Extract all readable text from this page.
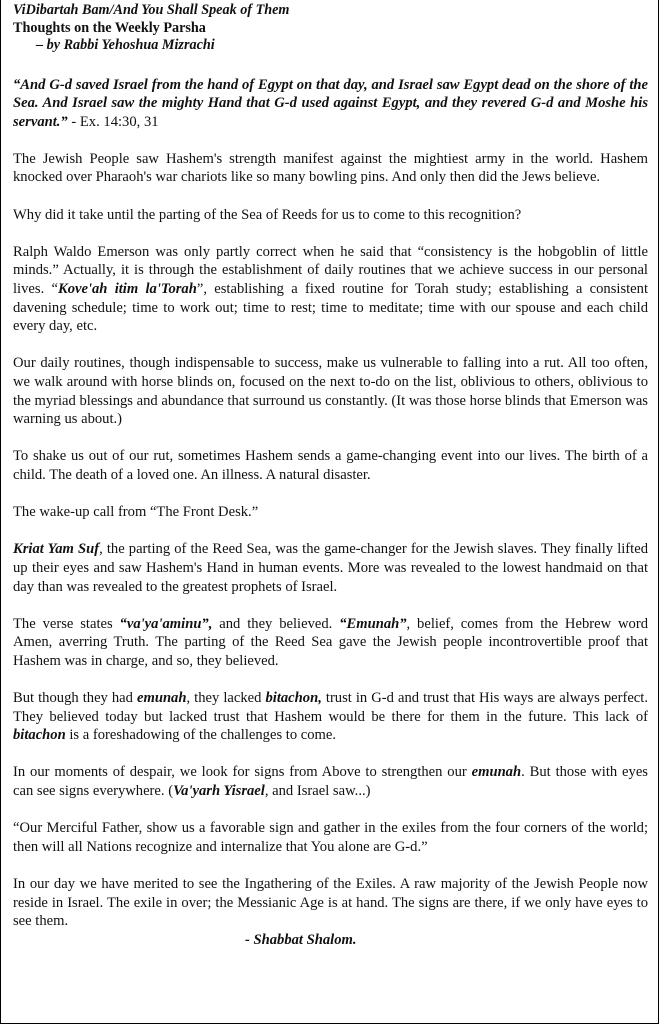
ViDibartah Bam/And You Shall Speak of Them
Thoughts on the Weekly Parsha
– by Rabbi Yehoshua Mizrachi

“And G-d saved Israel from the hand of Egypt on that day, and Israel saw Egypt dead on the shore of the Sea. And Israel saw the mighty Hand that G-d used against Egypt, and they revered G-d and Moshe his servant.” - Ex. 14:30, 31

The Jewish People saw Hashem's strength manifest against the mightiest army in the world. Hashem knocked over Pharaoh's war chariots like so many bowling pins. And only then did the Jews believe.

Why did it take until the parting of the Sea of Reeds for us to come to this recognition?

Ralph Waldo Emerson was only partly correct when he said that “consistency is the hobgoblin of little minds.” Actually, it is through the establishment of daily routines that we achieve success in our personal lives. “Kove'ah itim la'Torah”, establishing a fixed routine for Torah study; establishing a consistent davening schedule; time to work out; time to rest; time to meditate; time with our spouse and each child every day, etc.

Our daily routines, though indispensable to success, make us vulnerable to falling into a rut. All too often, we walk around with horse blinds on, focused on the next to-do on the list, oblivious to others, oblivious to the myriad blessings and abundance that surround us constantly. (It was those horse blinds that Emerson was warning us about.)

To shake us out of our rut, sometimes Hashem sends a game-changing event into our lives. The birth of a child. The death of a loved one. An illness. A natural disaster.

The wake-up call from “The Front Desk.”

Kriat Yam Suf, the parting of the Reed Sea, was the game-changer for the Jewish slaves. They finally lifted up their eyes and saw Hashem's Hand in human events. More was revealed to the lowest handmaid on that day than was revealed to the greatest prophets of Israel.

The verse states “va'ya'aminu”, and they believed. “Emunah”, belief, comes from the Hebrew word Amen, averring Truth. The parting of the Reed Sea gave the Jewish people incontrovertible proof that Hashem was in charge, and so, they believed.

But though they had emunah, they lacked bitachon, trust in G-d and trust that His ways are always perfect. They believed today but lacked trust that Hashem would be there for them in the future. This lack of bitachon is a foreshadowing of the challenges to come.

In our moments of despair, we look for signs from Above to strengthen our emunah. But those with eyes can see signs everywhere. (Va'yarh Yisrael, and Israel saw...)

“Our Merciful Father, show us a favorable sign and gather in the exiles from the four corners of the world; then will all Nations recognize and internalize that You alone are G-d.”

In our day we have merited to see the Ingathering of the Exiles. A raw majority of the Jewish People now reside in Israel. The exile in over; the Messianic Age is at hand. The signs are there, if we only have eyes to see them.

- Shabbat Shalom.
